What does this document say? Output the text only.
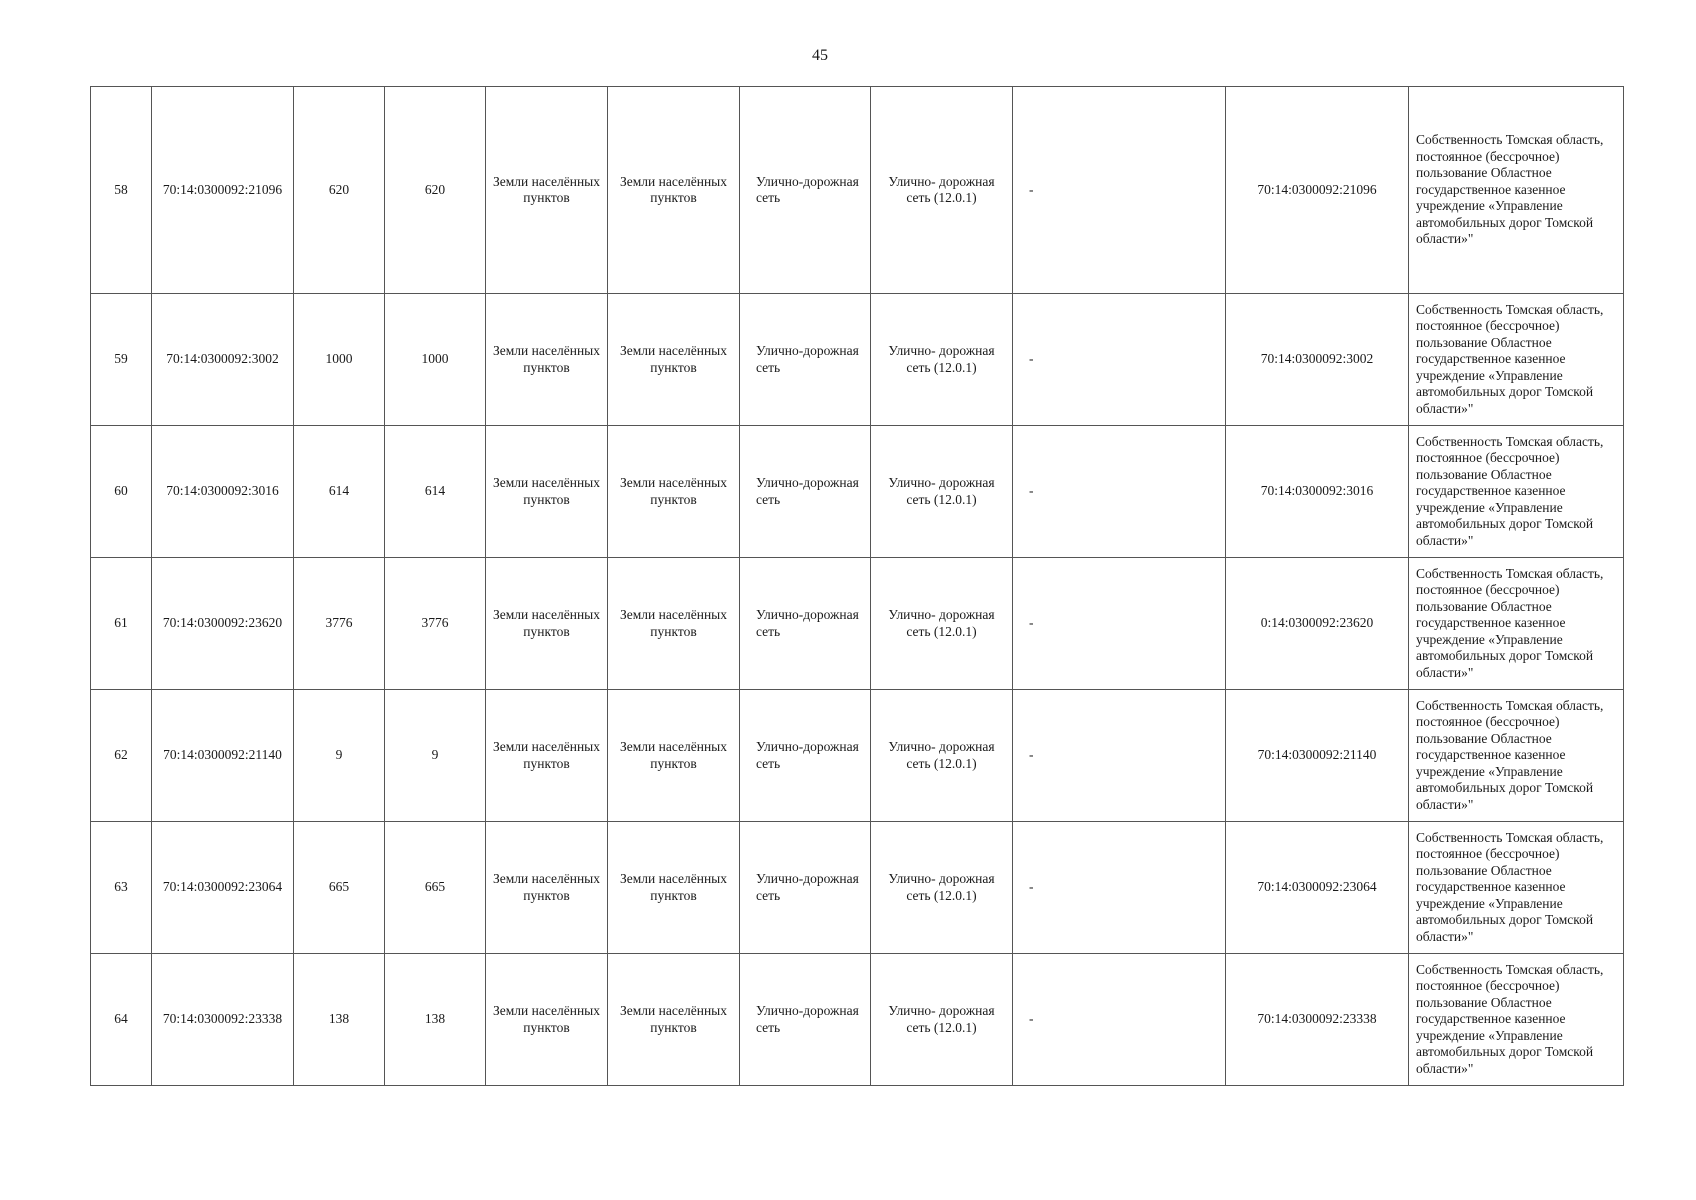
45
58	70:14:0300092:21096	620	620	Земли населённых пунктов	Земли населённых пунктов	Улично-дорожная сеть	Улично- дорожная сеть (12.0.1)	-	70:14:0300092:21096	Собственность Томская область, постоянное (бессрочное) пользование Областное государственное казенное учреждение «Управление автомобильных дорог Томской области»"
59	70:14:0300092:3002	1000	1000	Земли населённых пунктов	Земли населённых пунктов	Улично-дорожная сеть	Улично- дорожная сеть (12.0.1)	-	70:14:0300092:3002	Собственность Томская область, постоянное (бессрочное) пользование Областное государственное казенное учреждение «Управление автомобильных дорог Томской области»"
60	70:14:0300092:3016	614	614	Земли населённых пунктов	Земли населённых пунктов	Улично-дорожная сеть	Улично- дорожная сеть (12.0.1)	-	70:14:0300092:3016	Собственность Томская область, постоянное (бессрочное) пользование Областное государственное казенное учреждение «Управление автомобильных дорог Томской области»"
61	70:14:0300092:23620	3776	3776	Земли населённых пунктов	Земли населённых пунктов	Улично-дорожная сеть	Улично- дорожная сеть (12.0.1)	-	0:14:0300092:23620	Собственность Томская область, постоянное (бессрочное) пользование Областное государственное казенное учреждение «Управление автомобильных дорог Томской области»"
62	70:14:0300092:21140	9	9	Земли населённых пунктов	Земли населённых пунктов	Улично-дорожная сеть	Улично- дорожная сеть (12.0.1)	-	70:14:0300092:21140	Собственность Томская область, постоянное (бессрочное) пользование Областное государственное казенное учреждение «Управление автомобильных дорог Томской области»"
63	70:14:0300092:23064	665	665	Земли населённых пунктов	Земли населённых пунктов	Улично-дорожная сеть	Улично- дорожная сеть (12.0.1)	-	70:14:0300092:23064	Собственность Томская область, постоянное (бессрочное) пользование Областное государственное казенное учреждение «Управление автомобильных дорог Томской области»"
64	70:14:0300092:23338	138	138	Земли населённых пунктов	Земли населённых пунктов	Улично-дорожная сеть	Улично- дорожная сеть (12.0.1)	-	70:14:0300092:23338	Собственность Томская область, постоянное (бессрочное) пользование Областное государственное казенное учреждение «Управление автомобильных дорог Томской области»"
